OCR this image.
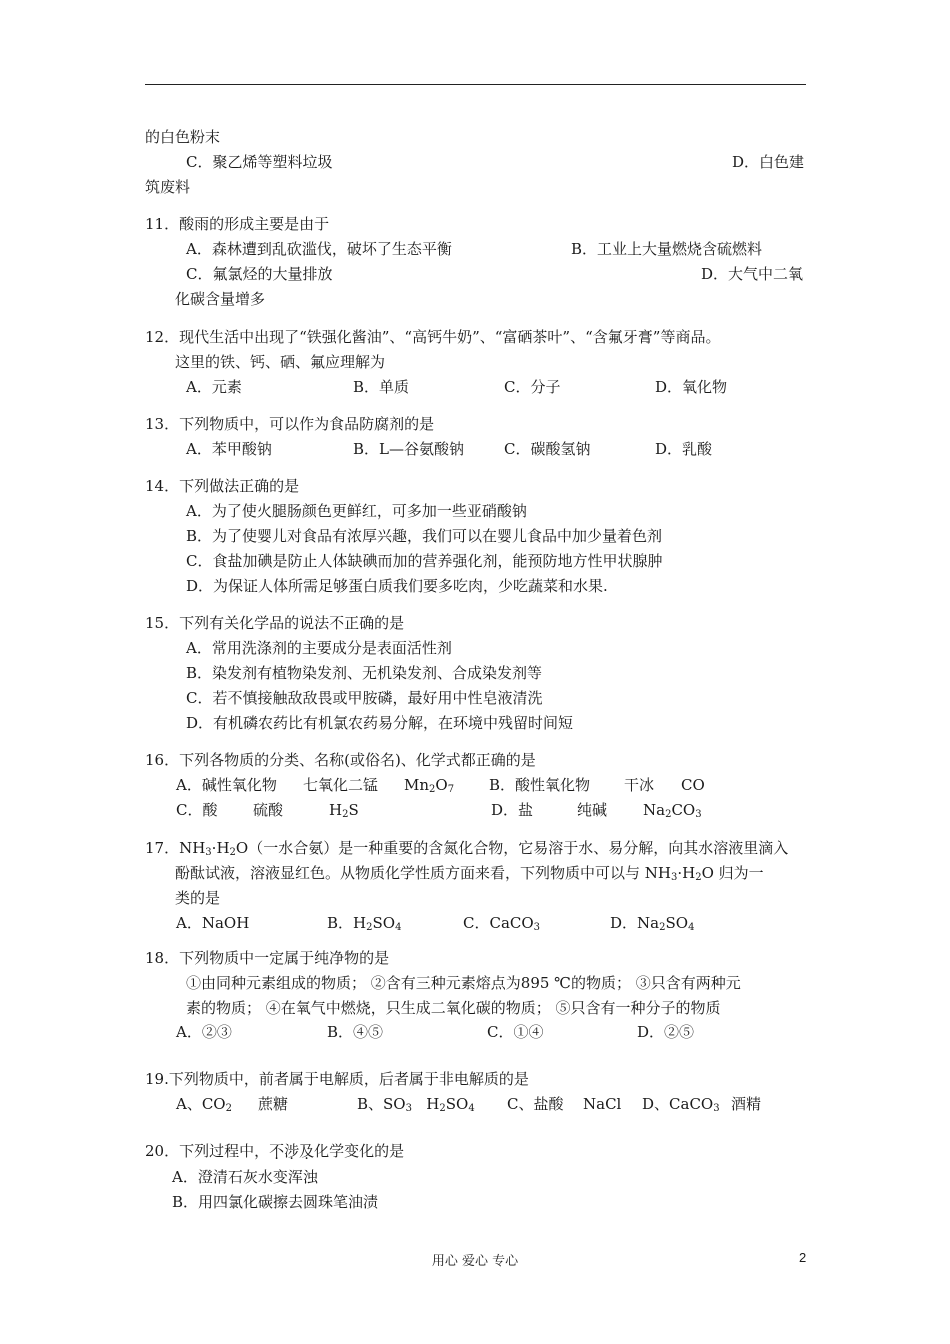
的白色粉末
C．聚乙烯等塑料垃圾	D．白色建
筑废料
11．酸雨的形成主要是由于
A．森林遭到乱砍滥伐，破坏了生态平衡	B．工业上大量燃烧含硫燃料
C．氟氯烃的大量排放	D．大气中二氧
化碳含量增多
12．现代生活中出现了“铁强化酱油”、“高钙牛奶”、“富硒茶叶”、“含氟牙膏”等商品。
这里的铁、钙、硒、氟应理解为
A．元素	B．单质	C．分子	D．氧化物
13．下列物质中，可以作为食品防腐剂的是
A．苯甲酸钠	B．L—谷氨酸钠	C．碳酸氢钠	D．乳酸
14．下列做法正确的是
A．为了使火腿肠颜色更鲜红，可多加一些亚硝酸钠
B．为了使婴儿对食品有浓厚兴趣，我们可以在婴儿食品中加少量着色剂
C．食盐加碘是防止人体缺碘而加的营养强化剂，能预防地方性甲状腺肿
D．为保证人体所需足够蛋白质我们要多吃肉，少吃蔬菜和水果.
15．下列有关化学品的说法不正确的是
A．常用洗涤剂的主要成分是表面活性剂
B．染发剂有植物染发剂、无机染发剂、合成染发剂等
C．若不慎接触敌敌畏或甲胺磷，最好用中性皂液清洗
D．有机磷农药比有机氯农药易分解，在环境中残留时间短
16．下列各物质的分类、名称(或俗名)、化学式都正确的是
A．碱性氧化物 七氧化二锰 $Mn_2O_7$ B．酸性氧化物 干冰 CO
C．酸 硫酸	$H_2S$	D．盐	纯碱 $Na_2CO_3$
17．$NH_3\cdot H_2O$（一水合氨）是一种重要的含氮化合物，它易溶于水、易分解，向其水溶液里滴入
酚酞试液，溶液显红色。从物质化学性质方面来看，下列物质中可以与 $NH_3\cdot H_2O$ 归为一
类的是
A．NaOH	B．$H_2SO_4$	C．CaCO$_3$	D．$Na_2SO_4$
18．下列物质中一定属于纯净物的是
①由同种元素组成的物质； ②含有三种元素熔点为895 ℃的物质； ③只含有两种元
素的物质； ④在氧气中燃烧，只生成二氧化碳的物质； ⑤只含有一种分子的物质
A．②③	B．④⑤	C．①④	D．②⑤
19.下列物质中，前者属于电解质，后者属于非电解质的是
A、$CO_2$ 蔗糖	B、$SO_3$ $H_2SO_4$ C、盐酸 NaCl D、CaCO$_3$ 酒精
20．下列过程中，不涉及化学变化的是
A．澄清石灰水变浑浊
B．用四氯化碳擦去圆珠笔油渍
用心 爱心 专心	2
